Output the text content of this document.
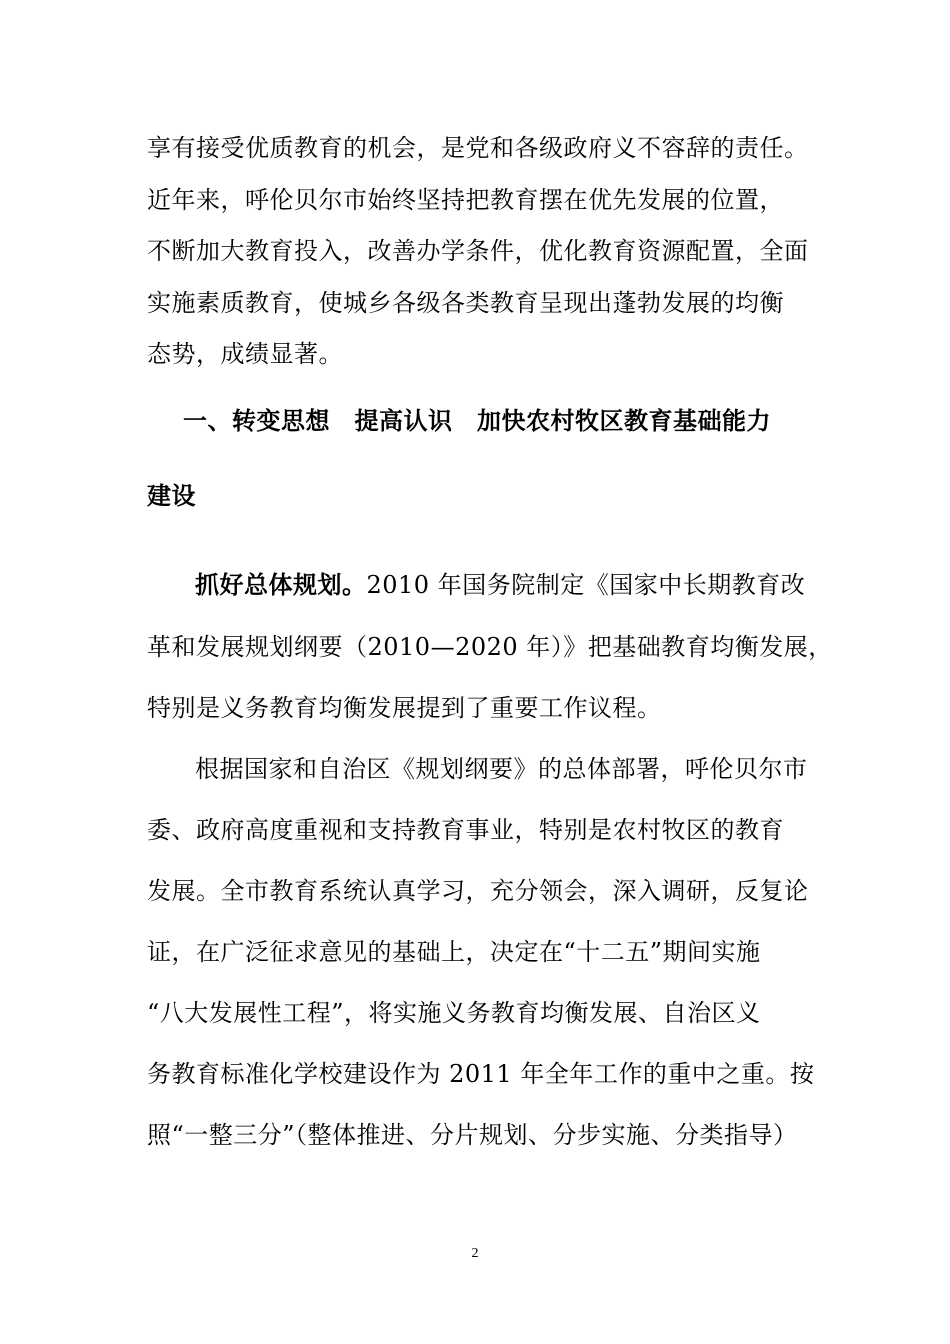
享有接受优质教育的机会，是党和各级政府义不容辞的责任。
近年来，呼伦贝尔市始终坚持把教育摆在优先发展的位置，
不断加大教育投入，改善办学条件，优化教育资源配置，全面
实施素质教育，使城乡各级各类教育呈现出蓬勃发展的均衡
态势，成绩显著。
一、转变思想　提高认识　加快农村牧区教育基础能力
建设
抓好总体规划。2010 年国务院制定《国家中长期教育改
革和发展规划纲要（2010—2020 年）》把基础教育均衡发展，
特别是义务教育均衡发展提到了重要工作议程。
根据国家和自治区《规划纲要》的总体部署，呼伦贝尔市
委、政府高度重视和支持教育事业，特别是农村牧区的教育
发展。全市教育系统认真学习，充分领会，深入调研，反复论
证，在广泛征求意见的基础上，决定在“十二五”期间实施
“八大发展性工程”，将实施义务教育均衡发展、自治区义
务教育标准化学校建设作为 2011 年全年工作的重中之重。按
照“一整三分”（整体推进、分片规划、分步实施、分类指导）
2
